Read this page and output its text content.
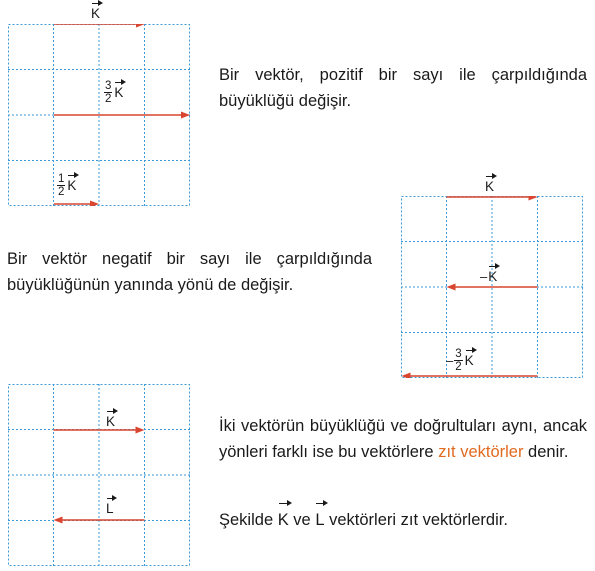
K
$\frac{3}{2}$ K
$\frac{1}{2}$ K

Bir vektör, pozitif bir sayı ile çarpıldığında büyüklüğü değişir.

K
– K
– $\frac{3}{2}$ K

Bir vektör negatif bir sayı ile çarpıldığında büyüklüğünün yanında yönü de değişir.

K
L

İki vektörün büyüklüğü ve doğrultuları aynı, ancak yönleri farklı ise bu vektörlere zıt vektörler denir.

Şekilde K ve L vektörleri zıt vektörlerdir.
